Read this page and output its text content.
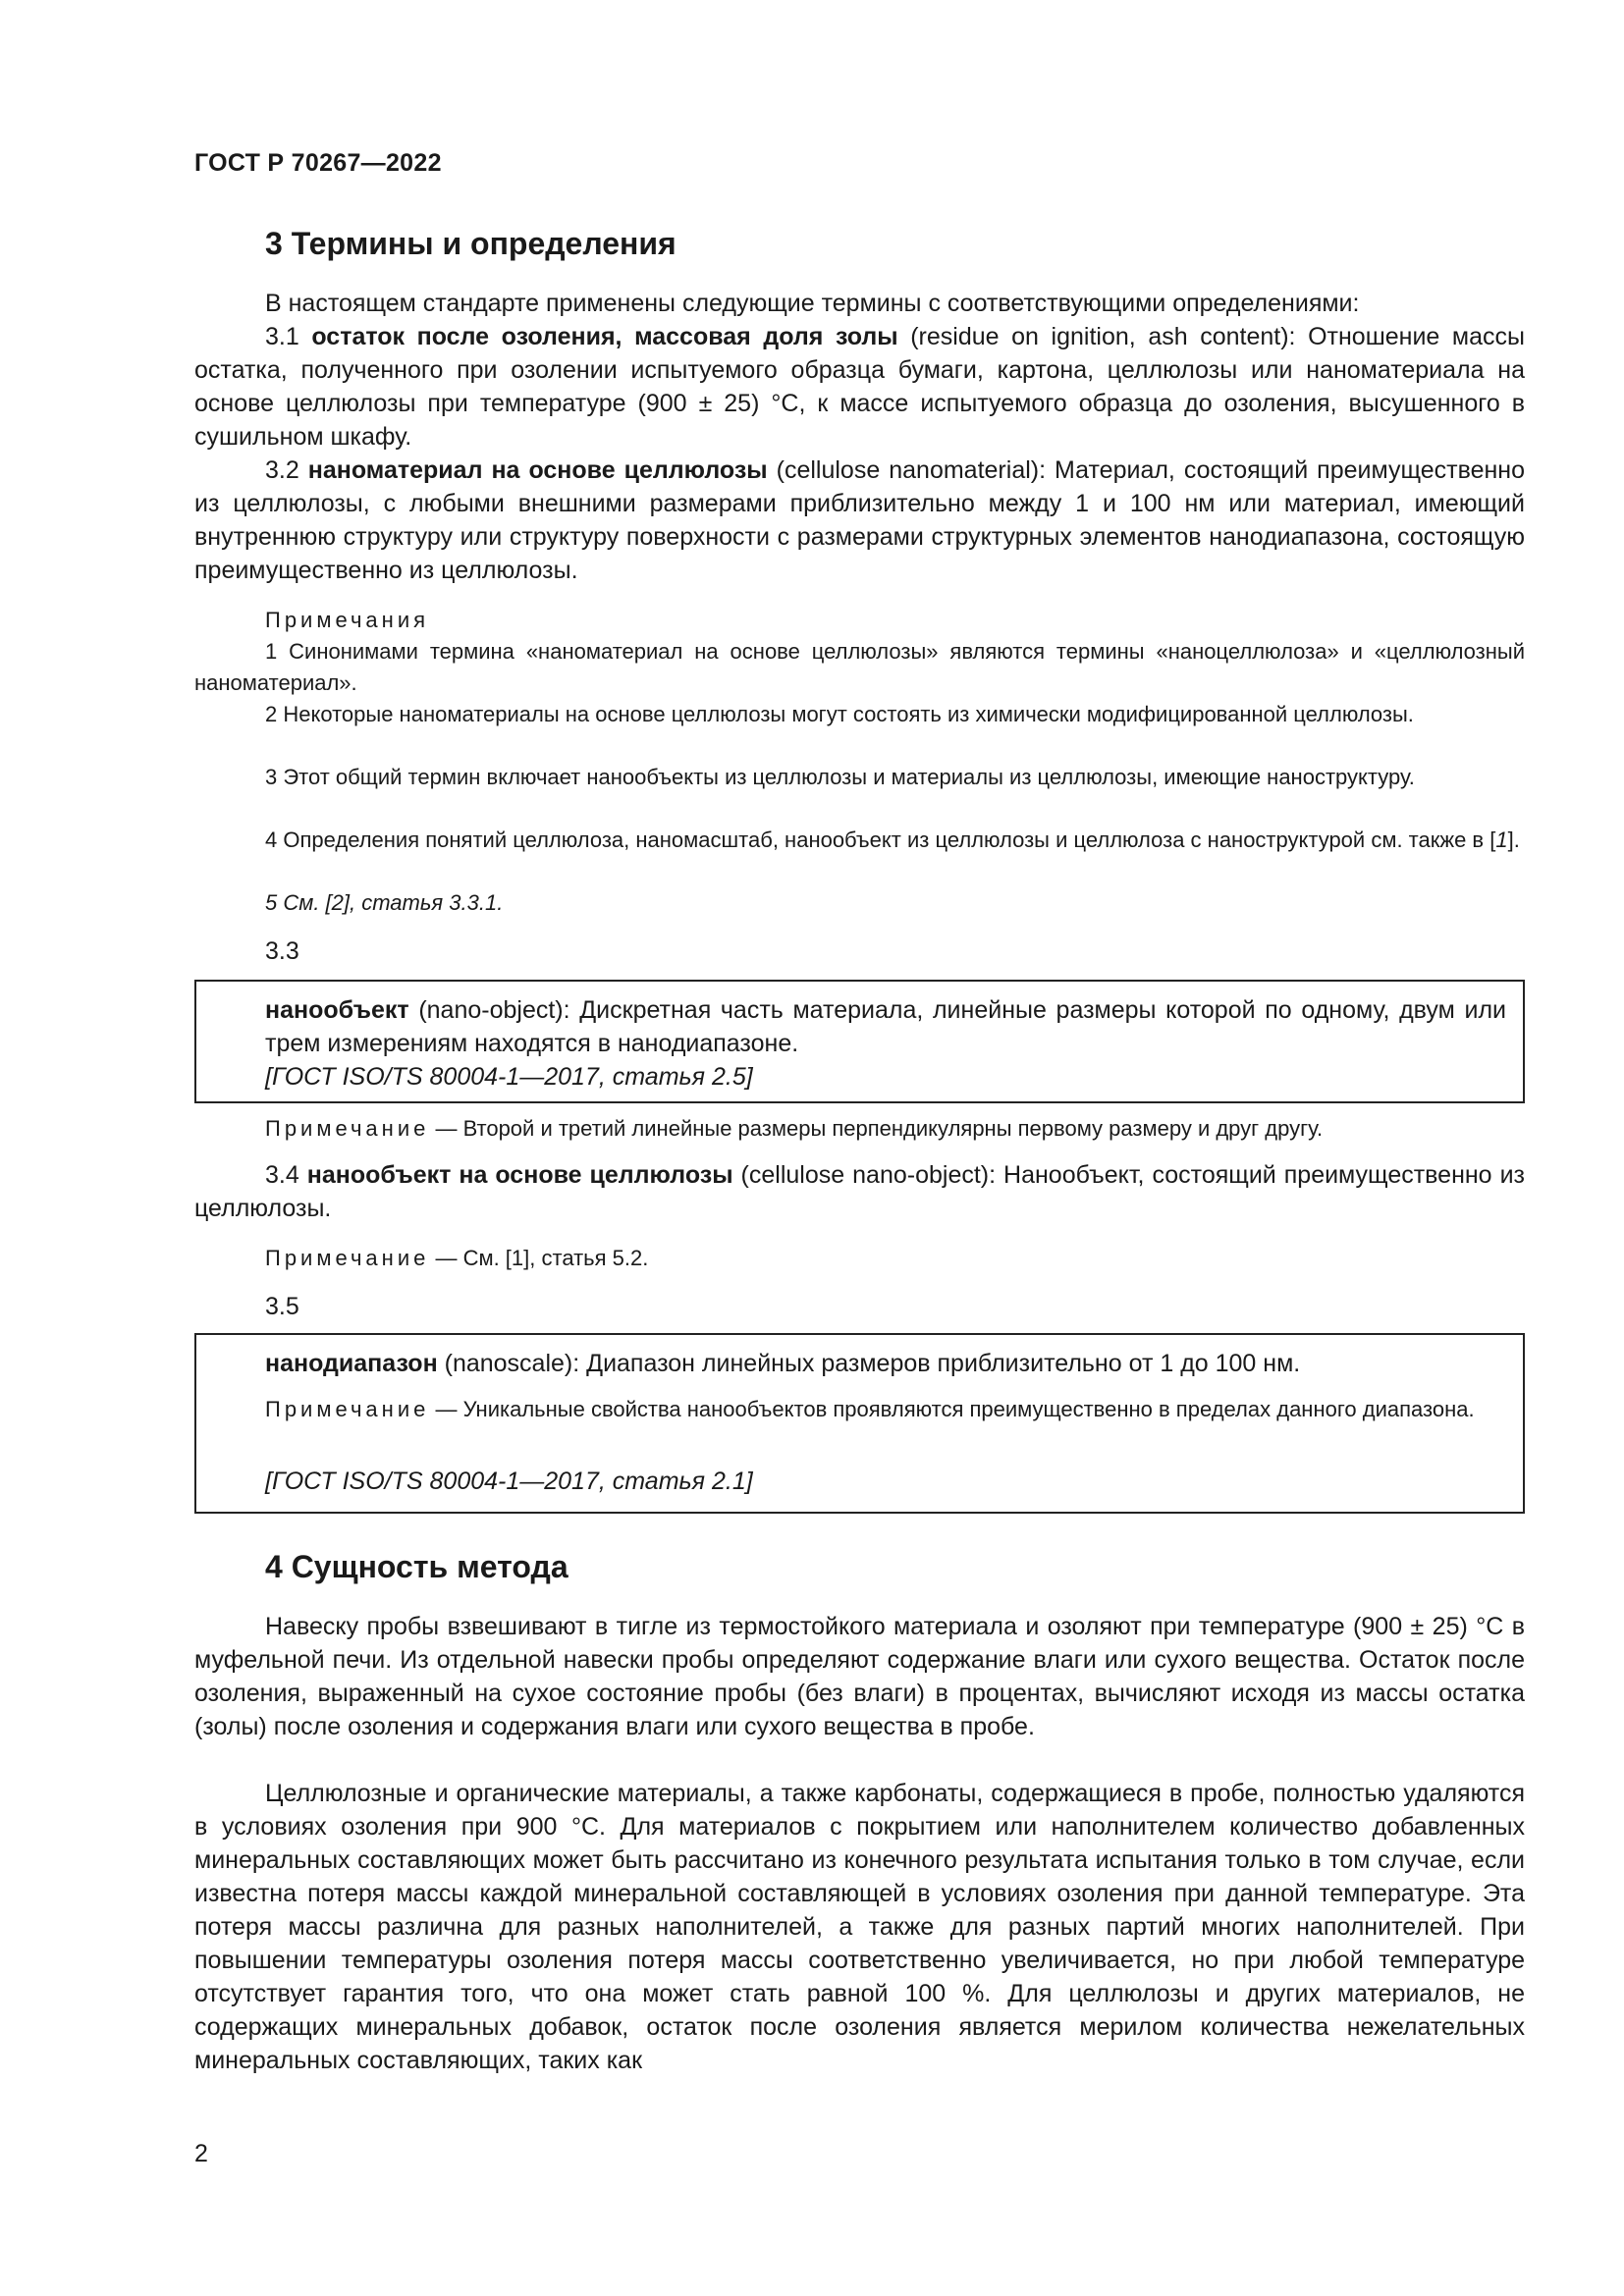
ГОСТ Р 70267—2022
3 Термины и определения

В настоящем стандарте применены следующие термины с соответствующими определениями:

3.1 остаток после озоления, массовая доля золы (residue on ignition, ash content): Отношение массы остатка, полученного при озолении испытуемого образца бумаги, картона, целлюлозы или наноматериала на основе целлюлозы при температуре (900 ± 25) °С, к массе испытуемого образца до озоления, высушенного в сушильном шкафу.

3.2 наноматериал на основе целлюлозы (cellulose nanomaterial): Материал, состоящий преимущественно из целлюлозы, с любыми внешними размерами приблизительно между 1 и 100 нм или материал, имеющий внутреннюю структуру или структуру поверхности с размерами структурных элементов нанодиапазона, состоящую преимущественно из целлюлозы.

Примечания

1 Синонимами термина «наноматериал на основе целлюлозы» являются термины «наноцеллюлоза» и «целлюлозный наноматериал».

2 Некоторые наноматериалы на основе целлюлозы могут состоять из химически модифицированной целлюлозы.

3 Этот общий термин включает нанообъекты из целлюлозы и материалы из целлюлозы, имеющие наноструктуру.

4 Определения понятий целлюлоза, наномасштаб, нанообъект из целлюлозы и целлюлоза с наноструктурой см. также в [1].

5 См. [2], статья 3.3.1.

3.3

нанообъект (nano-object): Дискретная часть материала, линейные размеры которой по одному, двум или трем измерениям находятся в нанодиапазоне.

[ГОСТ ISO/TS 80004-1—2017, статья 2.5]

Примечание — Второй и третий линейные размеры перпендикулярны первому размеру и друг другу.

3.4 нанообъект на основе целлюлозы (cellulose nano-object): Нанообъект, состоящий преимущественно из целлюлозы.

Примечание — См. [1], статья 5.2.

3.5

нанодиапазон (nanoscale): Диапазон линейных размеров приблизительно от 1 до 100 нм.

Примечание — Уникальные свойства нанообъектов проявляются преимущественно в пределах данного диапазона.

[ГОСТ ISO/TS 80004-1—2017, статья 2.1]

4 Сущность метода

Навеску пробы взвешивают в тигле из термостойкого материала и озоляют при температуре (900 ± 25) °С в муфельной печи. Из отдельной навески пробы определяют содержание влаги или сухого вещества. Остаток после озоления, выраженный на сухое состояние пробы (без влаги) в процентах, вычисляют исходя из массы остатка (золы) после озоления и содержания влаги или сухого вещества в пробе.

Целлюлозные и органические материалы, а также карбонаты, содержащиеся в пробе, полностью удаляются в условиях озоления при 900 °С. Для материалов с покрытием или наполнителем количество добавленных минеральных составляющих может быть рассчитано из конечного результата испытания только в том случае, если известна потеря массы каждой минеральной составляющей в условиях озоления при данной температуре. Эта потеря массы различна для разных наполнителей, а также для разных партий многих наполнителей. При повышении температуры озоления потеря массы соответственно увеличивается, но при любой температуре отсутствует гарантия того, что она может стать равной 100 %. Для целлюлозы и других материалов, не содержащих минеральных добавок, остаток после озоления является мерилом количества нежелательных минеральных составляющих, таких как

2
